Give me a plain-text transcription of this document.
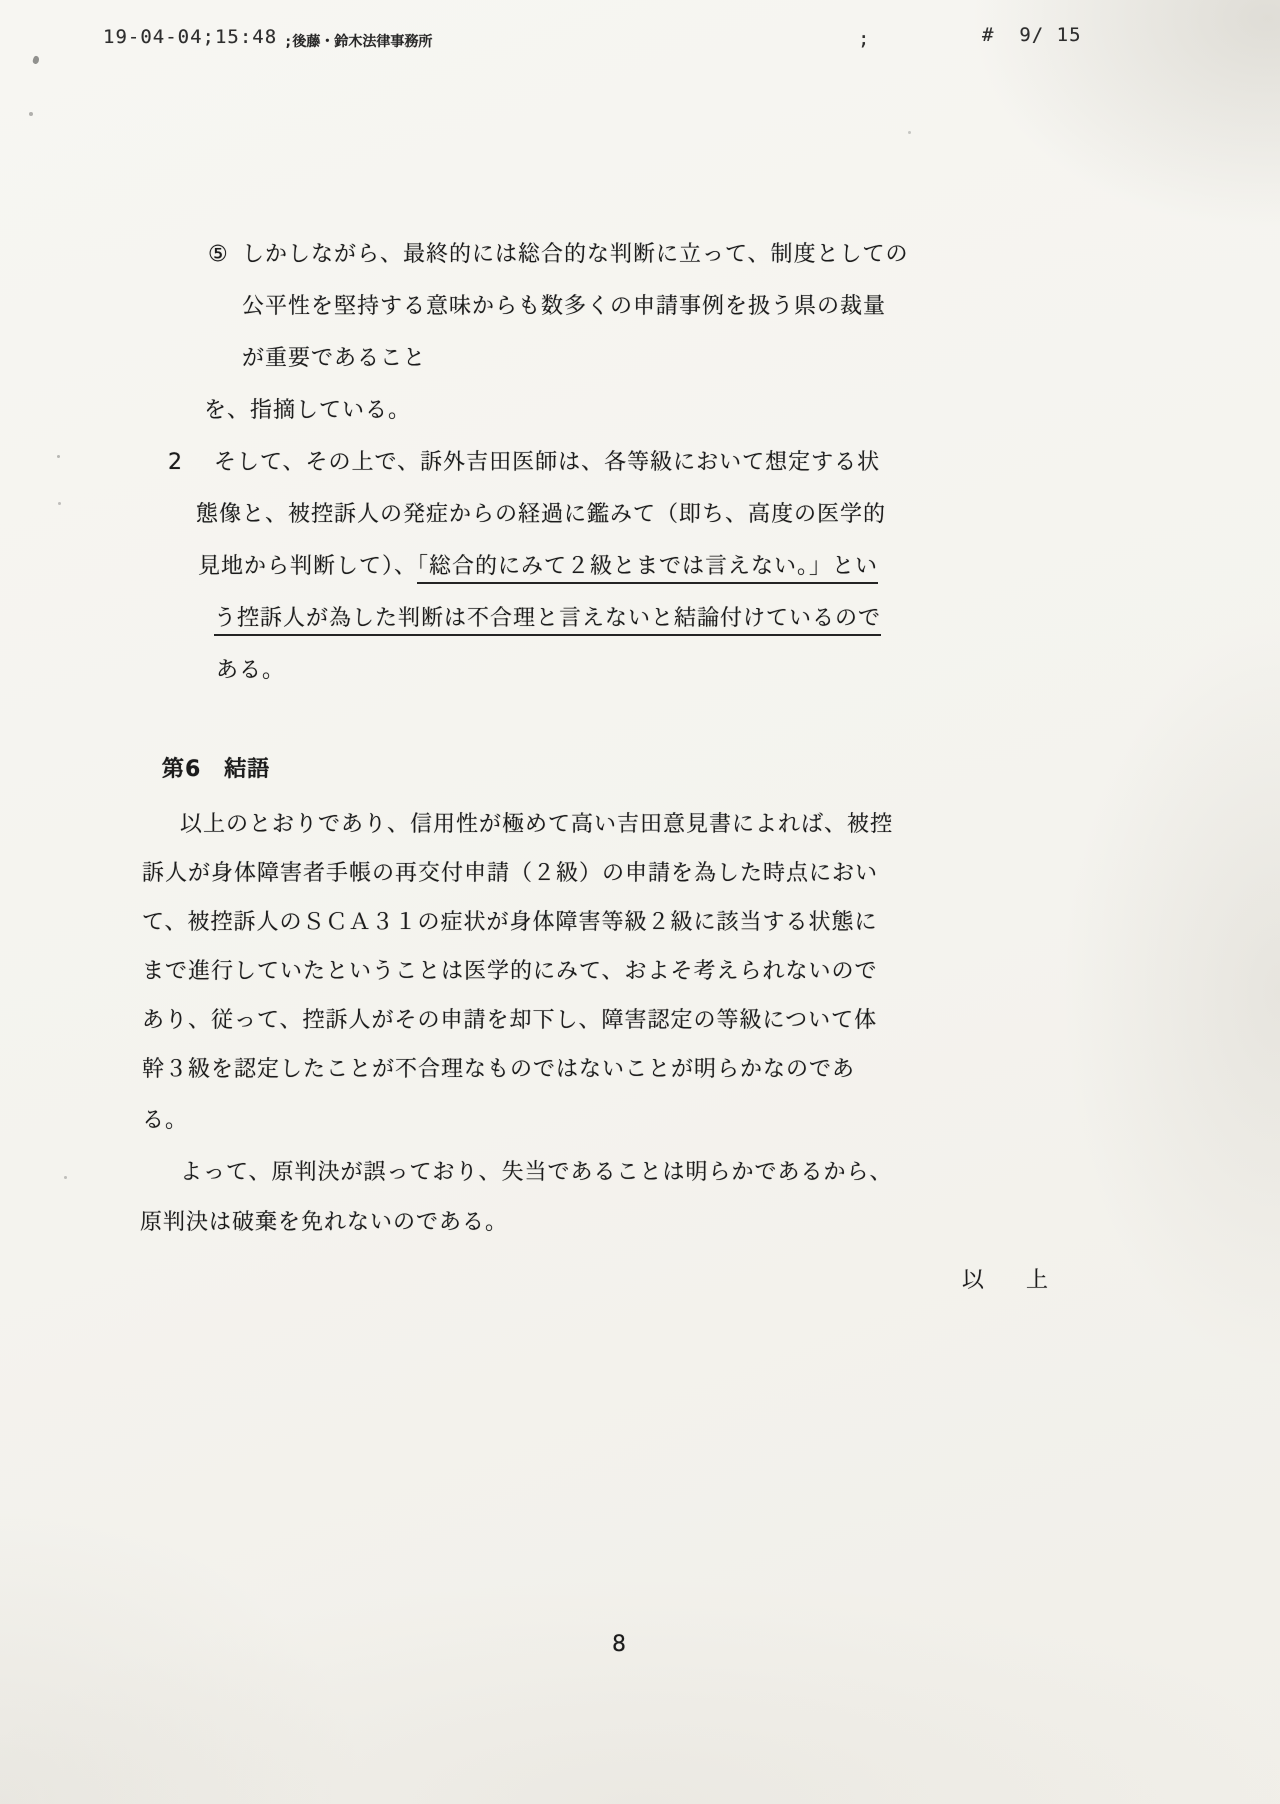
19-04-04;15:48 ;後藤・鈴木法律事務所	;	#  9/ 15
⑤ しかしながら、最終的には総合的な判断に立って、制度としての
公平性を堅持する意味からも数多くの申請事例を扱う県の裁量
が重要であること
を、指摘している。
2 そして、その上で、訴外吉田医師は、各等級において想定する状
態像と、被控訴人の発症からの経過に鑑みて（即ち、高度の医学的
見地から判断して）、「総合的にみて２級とまでは言えない。」とい
う控訴人が為した判断は不合理と言えないと結論付けているので
ある。
第6　結語
以上のとおりであり、信用性が極めて高い吉田意見書によれば、被控
訴人が身体障害者手帳の再交付申請（２級）の申請を為した時点におい
て、被控訴人のＳＣＡ３１の症状が身体障害等級２級に該当する状態に
まで進行していたということは医学的にみて、およそ考えられないので
あり、従って、控訴人がその申請を却下し、障害認定の等級について体
幹３級を認定したことが不合理なものではないことが明らかなのであ
る。
よって、原判決が誤っており、失当であることは明らかであるから、
原判決は破棄を免れないのである。
以　上
8
